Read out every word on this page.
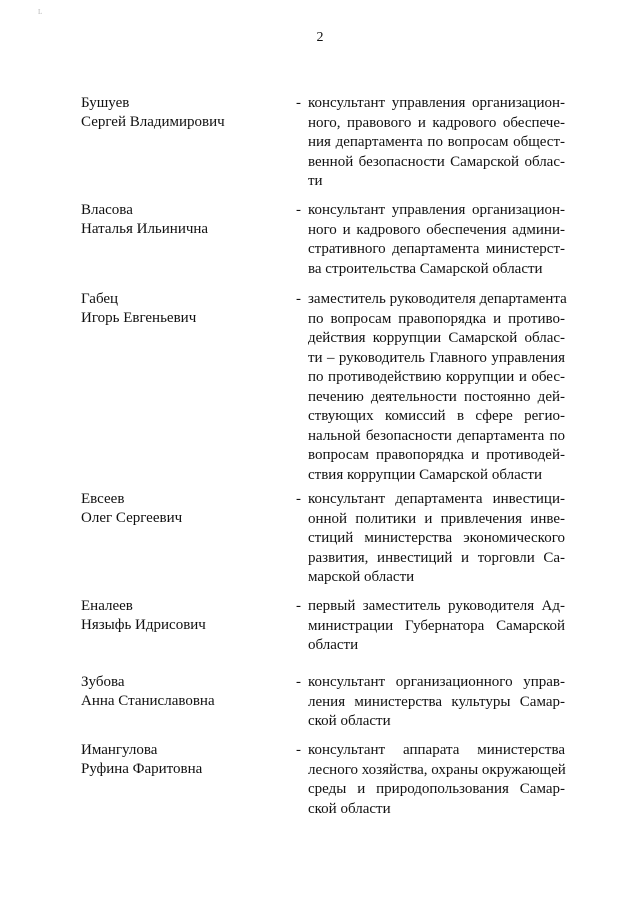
L
2
Бушуев
Сергей Владимирович
- консультант управления организацион-
ного, правового и кадрового обеспече-
ния департамента по вопросам общест-
венной безопасности Самарской облас-
ти
Власова
Наталья Ильинична
- консультант управления организацион-
ного и кадрового обеспечения админи-
стративного департамента министерст-
ва строительства Самарской области
Габец
Игорь Евгеньевич
- заместитель руководителя департамента
по вопросам правопорядка и противо-
действия коррупции Самарской облас-
ти – руководитель Главного управления
по противодействию коррупции и обес-
печению деятельности постоянно дей-
ствующих комиссий в сфере регио-
нальной безопасности департамента по
вопросам правопорядка и противодей-
ствия коррупции Самарской области
Евсеев
Олег Сергеевич
- консультант департамента инвестици-
онной политики и привлечения инве-
стиций министерства экономического
развития, инвестиций и торговли Са-
марской области
Еналеев
Нязыфь Идрисович
- первый заместитель руководителя Ад-
министрации Губернатора Самарской
области
Зубова
Анна Станиславовна
- консультант организационного управ-
ления министерства культуры Самар-
ской области
Имангулова
Руфина Фаритовна
- консультант аппарата министерства
лесного хозяйства, охраны окружающей
среды и природопользования Самар-
ской области
